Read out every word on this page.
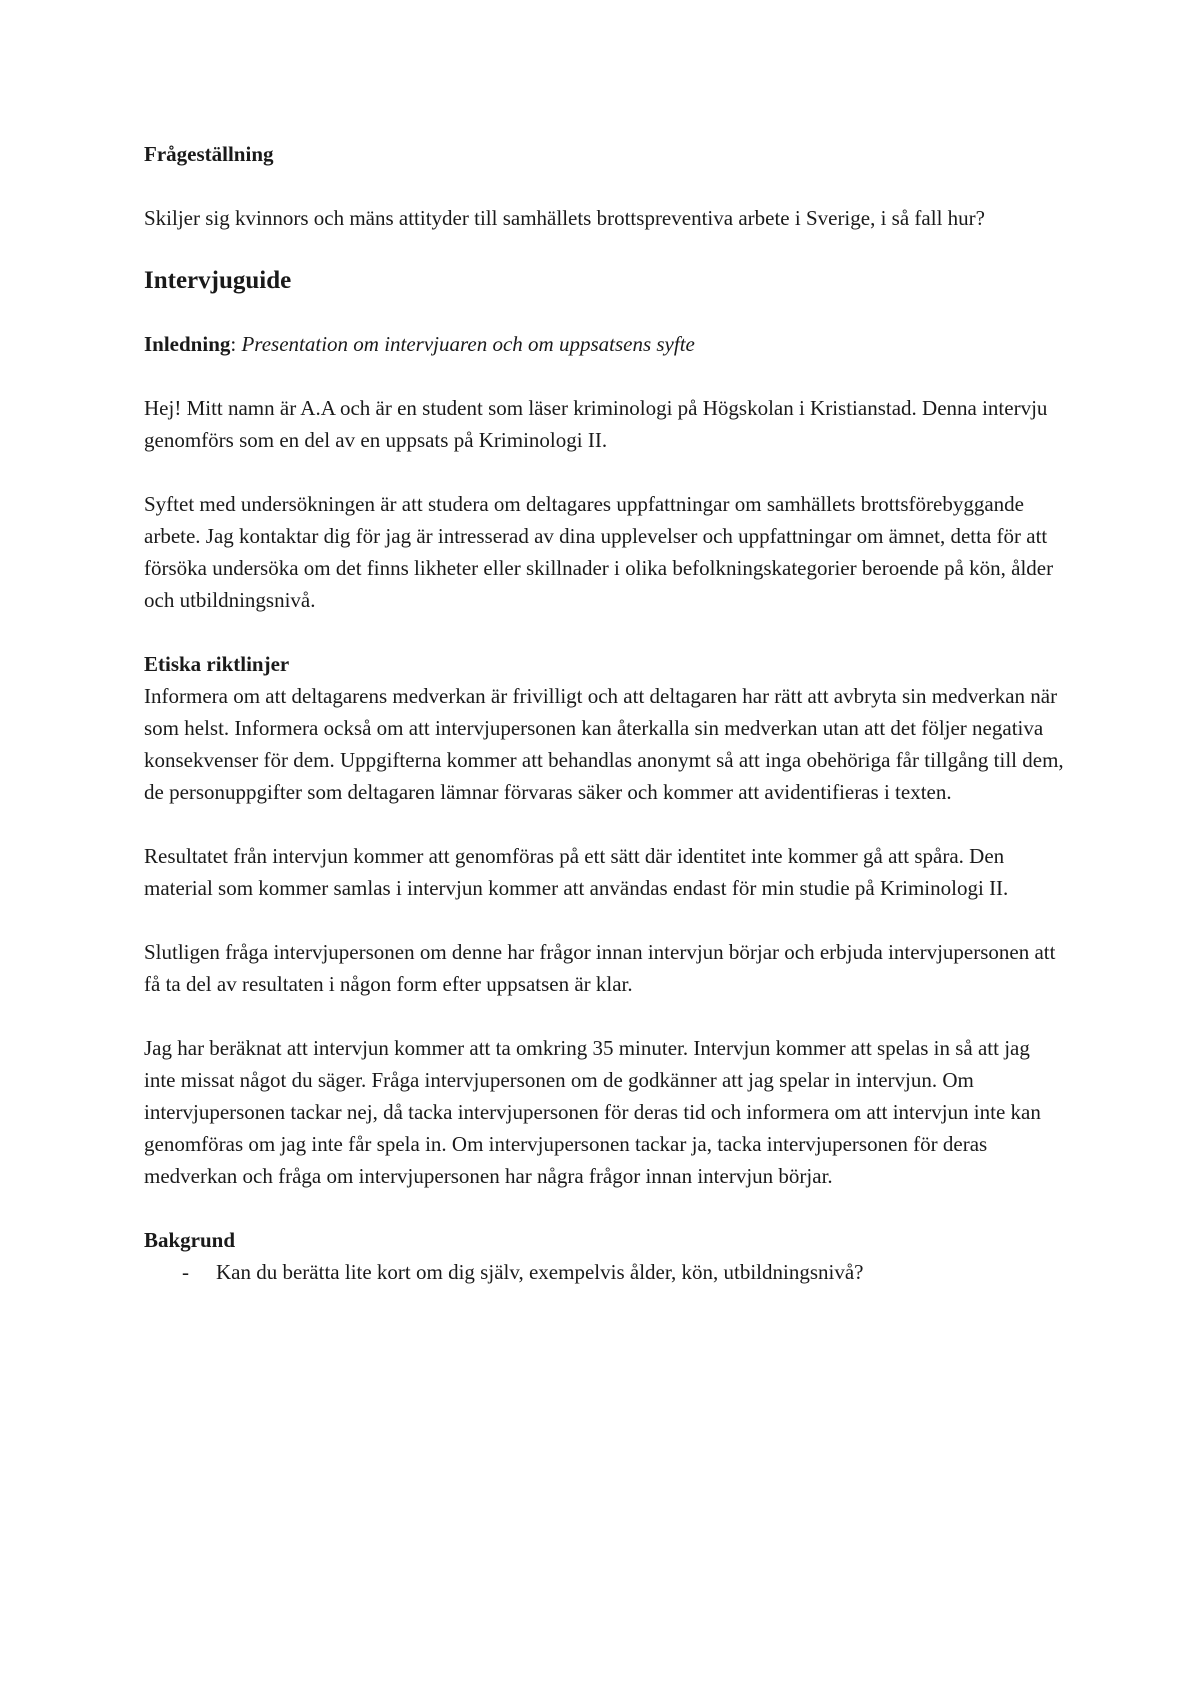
Frågeställning

Skiljer sig kvinnors och mäns attityder till samhällets brottspreventiva arbete i Sverige, i så fall hur?

Intervjuguide

Inledning: Presentation om intervjuaren och om uppsatsens syfte

Hej! Mitt namn är A.A och är en student som läser kriminologi på Högskolan i Kristianstad. Denna intervju genomförs som en del av en uppsats på Kriminologi II.

Syftet med undersökningen är att studera om deltagares uppfattningar om samhällets brottsförebyggande arbete. Jag kontaktar dig för jag är intresserad av dina upplevelser och uppfattningar om ämnet, detta för att försöka undersöka om det finns likheter eller skillnader i olika befolkningskategorier beroende på kön, ålder och utbildningsnivå.

Etiska riktlinjer

Informera om att deltagarens medverkan är frivilligt och att deltagaren har rätt att avbryta sin medverkan när som helst. Informera också om att intervjupersonen kan återkalla sin medverkan utan att det följer negativa konsekvenser för dem. Uppgifterna kommer att behandlas anonymt så att inga obehöriga får tillgång till dem, de personuppgifter som deltagaren lämnar förvaras säker och kommer att avidentifieras i texten.

Resultatet från intervjun kommer att genomföras på ett sätt där identitet inte kommer gå att spåra. Den material som kommer samlas i intervjun kommer att användas endast för min studie på Kriminologi II.

Slutligen fråga intervjupersonen om denne har frågor innan intervjun börjar och erbjuda intervjupersonen att få ta del av resultaten i någon form efter uppsatsen är klar.

Jag har beräknat att intervjun kommer att ta omkring 35 minuter. Intervjun kommer att spelas in så att jag inte missat något du säger. Fråga intervjupersonen om de godkänner att jag spelar in intervjun. Om intervjupersonen tackar nej, då tacka intervjupersonen för deras tid och informera om att intervjun inte kan genomföras om jag inte får spela in. Om intervjupersonen tackar ja, tacka intervjupersonen för deras medverkan och fråga om intervjupersonen har några frågor innan intervjun börjar.

Bakgrund

- Kan du berätta lite kort om dig själv, exempelvis ålder, kön, utbildningsnivå?
